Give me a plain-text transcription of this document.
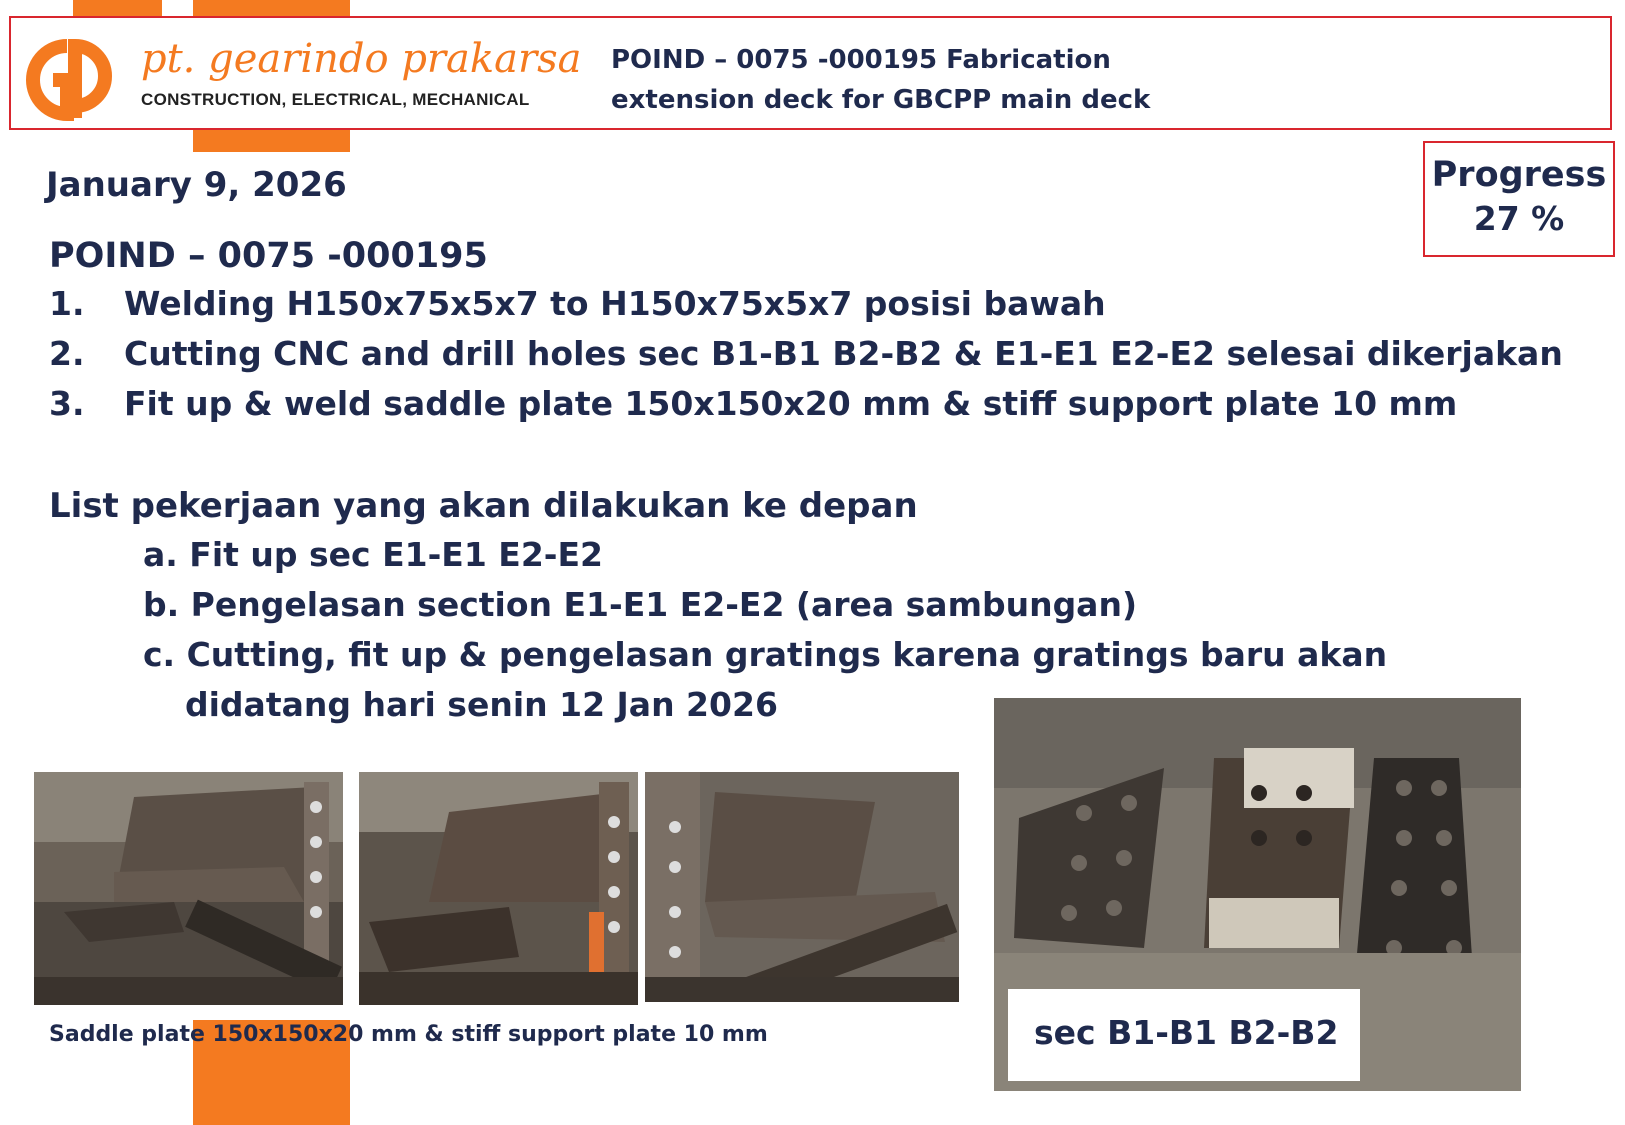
pt. gearindo prakarsa
CONSTRUCTION, ELECTRICAL, MECHANICAL
POIND – 0075 -000195 Fabrication
extension deck for GBCPP main deck
Progress
27 %
January 9, 2026
POIND – 0075 -000195
1. Welding H150x75x5x7 to H150x75x5x7 posisi bawah
2. Cutting CNC and drill holes sec B1-B1 B2-B2 & E1-E1 E2-E2 selesai dikerjakan
3. Fit up & weld saddle plate 150x150x20 mm & stiff support plate 10 mm
List pekerjaan yang akan dilakukan ke depan
a. Fit up sec E1-E1 E2-E2
b. Pengelasan section E1-E1 E2-E2 (area sambungan)
c. Cutting, fit up & pengelasan gratings karena gratings baru akan
didatang hari senin 12 Jan 2026
Saddle plate 150x150x20 mm & stiff support plate 10 mm	sec B1-B1 B2-B2
